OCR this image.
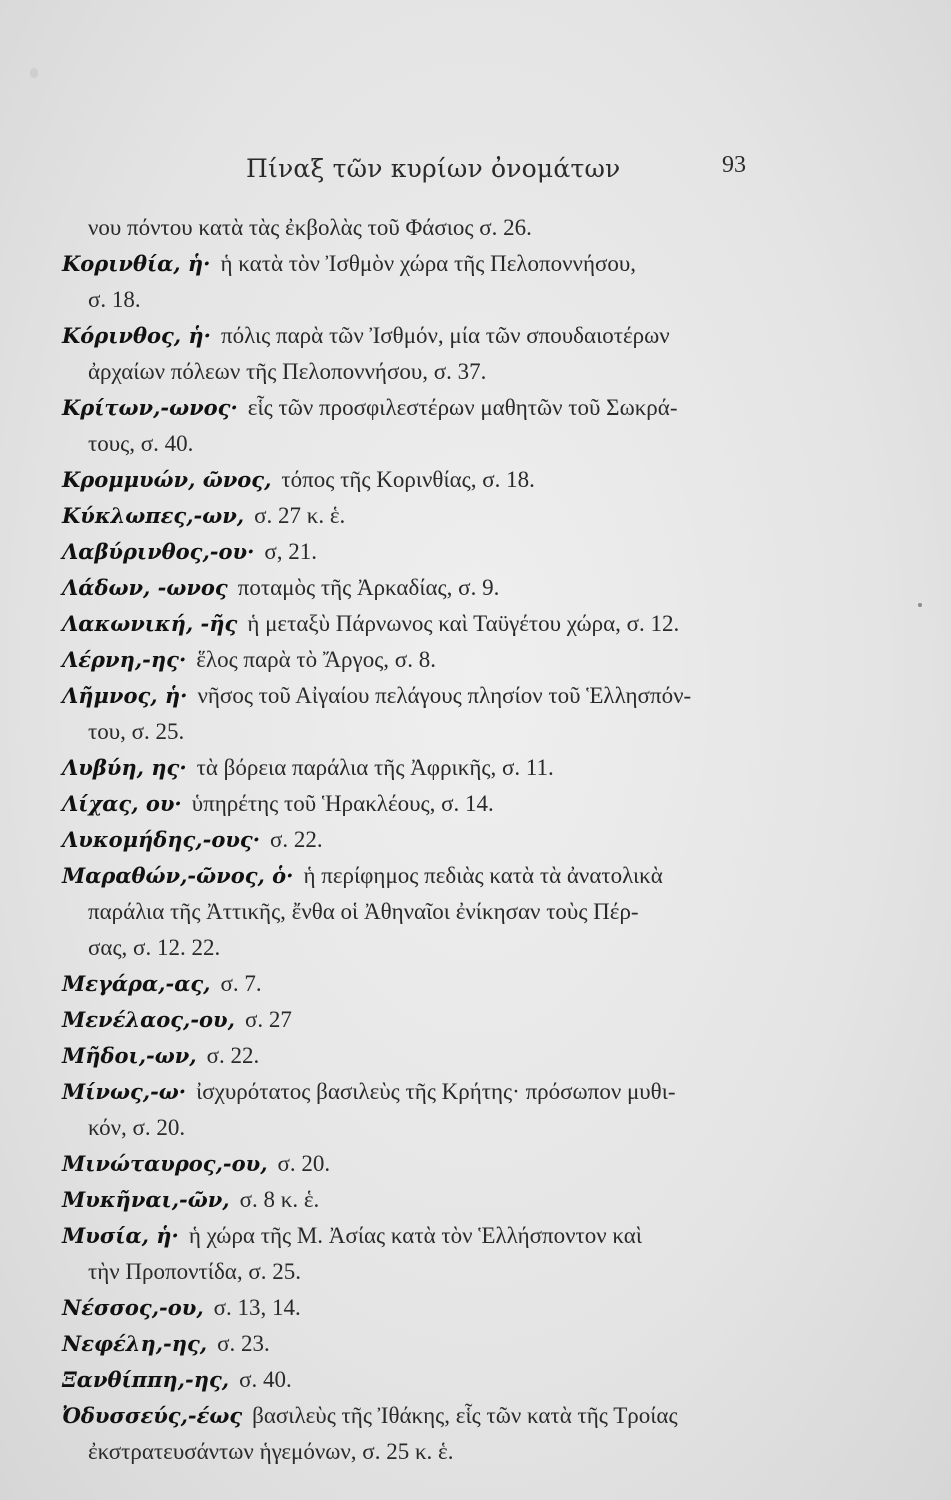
Πίναξ τῶν κυρίων ὀνομάτων	93
νου πόντου κατὰ τὰς ἐκβολὰς τοῦ Φάσιος σ. 26.
Κορινθία, ἡ· ἡ κατὰ τὸν Ἰσθμὸν χώρα τῆς Πελοποννήσου,
σ. 18.
Κόρινθος, ἡ· πόλις παρὰ τῶν Ἰσθμόν, μία τῶν σπουδαιοτέρων
ἀρχαίων πόλεων τῆς Πελοποννήσου, σ. 37.
Κρίτων,-ωνος· εἷς τῶν προσφιλεστέρων μαθητῶν τοῦ Σωκρά-
τους, σ. 40.
Κρομμυών, ῶνος, τόπος τῆς Κορινθίας, σ. 18.
Κύκλωπες,-ων, σ. 27 κ. ἑ.
Λαβύρινθος,-ου· σ, 21.
Λάδων, -ωνος ποταμὸς τῆς Ἀρκαδίας, σ. 9.
Λακωνική, -ῆς ἡ μεταξὺ Πάρνωνος καὶ Ταϋγέτου χώρα, σ. 12.
Λέρνη,-ης· ἕλος παρὰ τὸ Ἄργος, σ. 8.
Λῆμνος, ἡ· νῆσος τοῦ Αἰγαίου πελάγους πλησίον τοῦ Ἑλλησπόν-
του, σ. 25.
Λυβύη, ης· τὰ βόρεια παράλια τῆς Ἀφρικῆς, σ. 11.
Λίχας, ου· ὑπηρέτης τοῦ Ἡρακλέους, σ. 14.
Λυκομήδης,-ους· σ. 22.
Μαραθών,-ῶνος, ὁ· ἡ περίφημος πεδιὰς κατὰ τὰ ἀνατολικὰ
παράλια τῆς Ἀττικῆς, ἔνθα οἱ Ἀθηναῖοι ἐνίκησαν τοὺς Πέρ-
σας, σ. 12. 22.
Μεγάρα,-ας, σ. 7.
Μενέλαος,-ου, σ. 27
Μῆδοι,-ων, σ. 22.
Μίνως,-ω· ἰσχυρότατος βασιλεὺς τῆς Κρήτης· πρόσωπον μυθι-
κόν, σ. 20.
Μινώταυρος,-ου, σ. 20.
Μυκῆναι,-ῶν, σ. 8 κ. ἑ.
Μυσία, ἡ· ἡ χώρα τῆς Μ. Ἀσίας κατὰ τὸν Ἑλλήσποντον καὶ
τὴν Προποντίδα, σ. 25.
Νέσσος,-ου, σ. 13, 14.
Νεφέλη,-ης, σ. 23.
Ξανθίππη,-ης, σ. 40.
Ὀδυσσεύς,-έως βασιλεὺς τῆς Ἰθάκης, εἷς τῶν κατὰ τῆς Τροίας
ἐκστρατευσάντων ἡγεμόνων, σ. 25 κ. ἑ.
